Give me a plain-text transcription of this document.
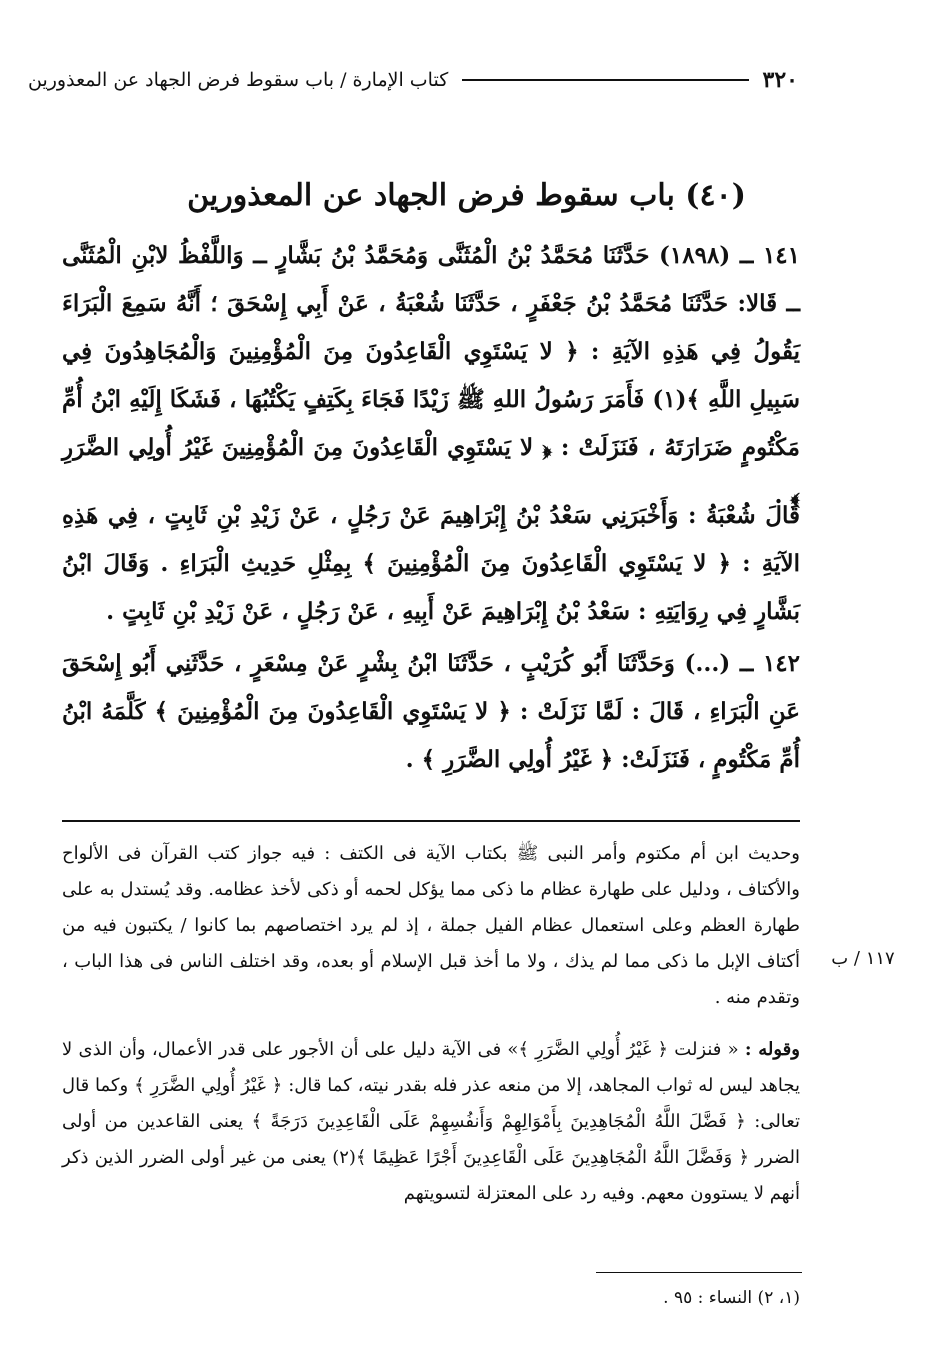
٣٢٠
كتاب الإمارة / باب سقوط فرض الجهاد عن المعذورين
(٤٠) باب سقوط فرض الجهاد عن المعذورين

١٤١ ــ (١٨٩٨) حَدَّثَنَا مُحَمَّدُ بْنُ الْمُثَنَّى وَمُحَمَّدُ بْنُ بَشَّارٍ ــ وَاللَّفْظُ لابْنِ الْمُثَنَّى ــ قَالا: حَدَّثَنَا مُحَمَّدُ بْنُ جَعْفَرٍ ، حَدَّثَنَا شُعْبَةُ ، عَنْ أَبِي إِسْحَقَ ؛ أَنَّهُ سَمِعَ الْبَرَاءَ يَقُولُ فِي هَذِهِ الآيَةِ : ﴿ لا يَسْتَوِي الْقَاعِدُونَ مِنَ الْمُؤْمِنِينَ وَالْمُجَاهِدُونَ فِي سَبِيلِ اللَّهِ ﴾(١) فَأَمَرَ رَسُولُ اللهِ ﷺ زَيْدًا فَجَاءَ بِكَتِفٍ يَكْتُبُهَا ، فَشَكَا إِلَيْهِ ابْنُ أُمِّ مَكْتُومٍ ضَرَارَتَهُ ، فَنَزَلَتْ : ﴿ لا يَسْتَوِي الْقَاعِدُونَ مِنَ الْمُؤْمِنِينَ غَيْرُ أُولِي الضَّرَرِ ﴾ .

قَالَ شُعْبَةُ : وَأَخْبَرَنِي سَعْدُ بْنُ إِبْرَاهِيمَ عَنْ رَجُلٍ ، عَنْ زَيْدِ بْنِ ثَابِتٍ ، فِي هَذِهِ الآيَةِ : ﴿ لا يَسْتَوِي الْقَاعِدُونَ مِنَ الْمُؤْمِنِينَ ﴾ بِمِثْلِ حَدِيثِ الْبَرَاءِ . وَقَالَ ابْنُ بَشَّارٍ فِي رِوَايَتِهِ : سَعْدُ بْنُ إِبْرَاهِيمَ عَنْ أَبِيهِ ، عَنْ رَجُلٍ ، عَنْ زَيْدِ بْنِ ثَابِتٍ .

١٤٢ ــ (...) وَحَدَّثَنَا أَبُو كُرَيْبٍ ، حَدَّثَنَا ابْنُ بِشْرٍ عَنْ مِسْعَرٍ ، حَدَّثَنِي أَبُو إِسْحَقَ عَنِ الْبَرَاءِ ، قَالَ : لَمَّا نَزَلَتْ : ﴿ لا يَسْتَوِي الْقَاعِدُونَ مِنَ الْمُؤْمِنِينَ ﴾ كَلَّمَهُ ابْنُ أُمِّ مَكْتُومٍ ، فَنَزَلَتْ: ﴿ غَيْرُ أُولِي الضَّرَرِ ﴾ .

وحديث ابن أم مكتوم وأمر النبى ﷺ بكتاب الآية فى الكتف : فيه جواز كتب القرآن فى الألواح والأكتاف ، ودليل على طهارة عظام ما ذكى مما يؤكل لحمه أو ذكى لأخذ عظامه. وقد يُستدل به على طهارة العظم وعلى استعمال عظام الفيل جملة ، إذ لم يرد اختصاصهم بما كانوا / يكتبون فيه من أكتاف الإبل ما ذكى مما لم يذك ، ولا ما أخذ قبل الإسلام أو بعده، وقد اختلف الناس فى هذا الباب ، وتقدم منه .

١١٧ / ب

وقوله : « فنزلت ﴿ غَيْرُ أُولِي الضَّرَرِ ﴾» فى الآية دليل على أن الأجور على قدر الأعمال، وأن الذى لا يجاهد ليس له ثواب المجاهد، إلا من منعه عذر فله بقدر نيته، كما قال: ﴿ غَيْرُ أُولِي الضَّرَرِ ﴾ وكما قال تعالى: ﴿ فَضَّلَ اللَّهُ الْمُجَاهِدِينَ بِأَمْوَالِهِمْ وَأَنفُسِهِمْ عَلَى الْقَاعِدِينَ دَرَجَةً ﴾ يعنى القاعدين من أولى الضرر ﴿ وَفَضَّلَ اللَّهُ الْمُجَاهِدِينَ عَلَى الْقَاعِدِينَ أَجْرًا عَظِيمًا ﴾(٢) يعنى من غير أولى الضرر الذين ذكر أنهم لا يستوون معهم. وفيه رد على المعتزلة لتسويتهم

(١، ٢) النساء : ٩٥ .
